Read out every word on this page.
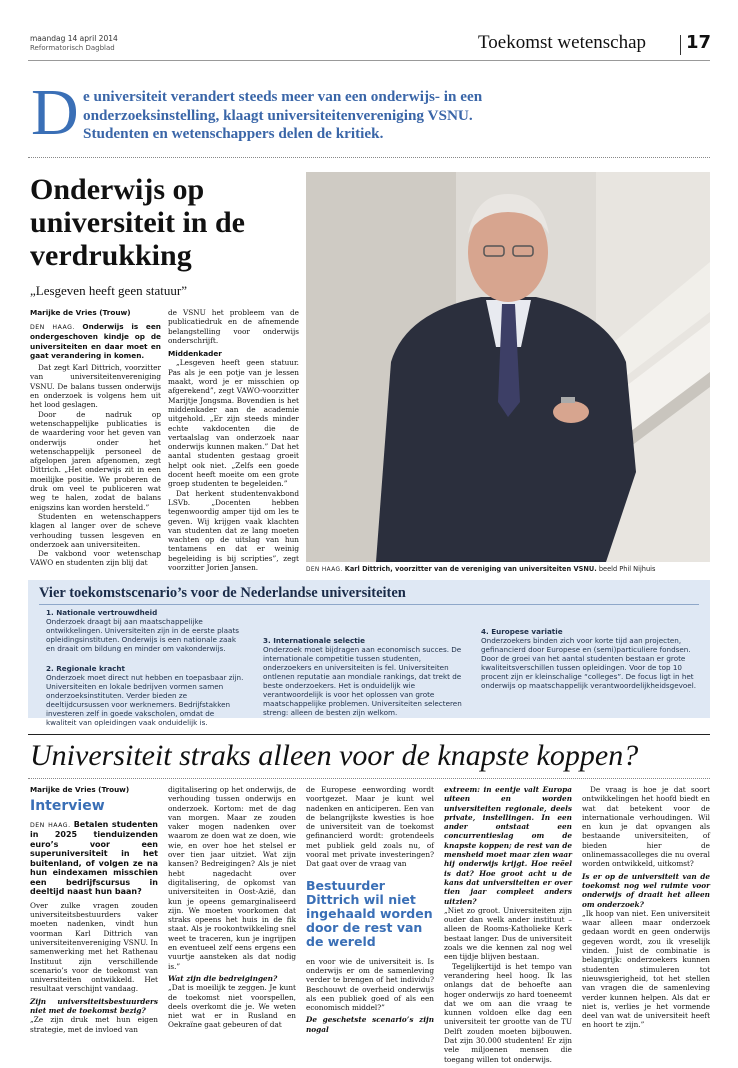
maandag 14 april 2014
Reformatorisch Dagblad	Toekomst wetenschap 17
D e universiteit verandert steeds meer van een onderwijs- in een onderzoeksinstelling, klaagt universiteitenvereniging VSNU. Studenten en wetenschappers delen de kritiek.
Onderwijs op universiteit in de verdrukking
„Lesgeven heeft geen statuur”
Marijke de Vries (Trouw)

DEN HAAG. Onderwijs is een ondergeschoven kindje op de universiteiten en daar moet en gaat verandering in komen.

Dat zegt Karl Dittrich, voorzitter van universiteitenvereniging VSNU. De balans tussen onderwijs en onderzoek is volgens hem uit het lood geslagen.

Door de nadruk op wetenschappelijke publicaties is de waardering voor het geven van onderwijs onder het wetenschappelijk personeel de afgelopen jaren afgenomen, zegt Dittrich. „Het onderwijs zit in een moeilijke positie. We proberen de druk om veel te publiceren wat weg te halen, zodat de balans enigszins kan worden hersteld.”

Studenten en wetenschappers klagen al langer over de scheve verhouding tussen lesgeven en onderzoek aan universiteiten.

De vakbond voor wetenschap VAWO en studenten zijn blij dat

de VSNU het probleem van de publicatiedruk en de afnemende belangstelling voor onderwijs onderschrijft.

Middenkader

„Lesgeven heeft geen statuur. Pas als je een potje van je lessen maakt, word je er misschien op afgerekend”, zegt VAWO-voorzitter Marijtje Jongsma. Bovendien is het middenkader aan de academie uitgehold. „Er zijn steeds minder echte vakdocenten die de vertaalslag van onderzoek naar onderwijs kunnen maken.” Dat het aantal studenten gestaag groeit helpt ook niet. „Zelfs een goede docent heeft moeite om een grote groep studenten te begeleiden.”

Dat herkent studentenvakbond LSVb. „Docenten hebben tegenwoordig amper tijd om les te geven. Wij krijgen vaak klachten van studenten dat ze lang moeten wachten op de uitslag van hun tentamens en dat er weinig begeleiding is bij scripties”, zegt voorzitter Jorien Jansen.	DEN HAAG. Karl Dittrich, voorzitter van de vereniging van universiteiten VSNU. beeld Phil Nijhuis
Vier toekomstscenario’s voor de Nederlandse universiteiten
1. Nationale vertrouwdheid
Onderzoek draagt bij aan maatschappelijke ontwikkelingen. Universiteiten zijn in de eerste plaats opleidingsinstituten. Onderwijs is een nationale zaak en draait om bildung en minder om vakonderwijs.
2. Regionale kracht
Onderzoek moet direct nut hebben en toepasbaar zijn. Universiteiten en lokale bedrijven vormen samen onderzoeksinstituten. Verder bieden ze deeltijdcursussen voor werknemers. Bedrijfstakken investeren zelf in goede vakscholen, omdat de kwaliteit van opleidingen vaak onduidelijk is.
3. Internationale selectie
Onderzoek moet bijdragen aan economisch succes. De internationale competitie tussen studenten, onderzoekers en universiteiten is fel. Universiteiten ontlenen reputatie aan mondiale rankings, dat trekt de beste onderzoekers. Het is onduidelijk wie verantwoordelijk is voor het oplossen van grote maatschappelijke problemen. Universiteiten selecteren streng: alleen de besten zijn welkom.
4. Europese variatie
Onderzoekers binden zich voor korte tijd aan projecten, gefinancierd door Europese en (semi)particuliere fondsen. Door de groei van het aantal studenten bestaan er grote kwaliteitsverschillen tussen opleidingen. Voor de top 10 procent zijn er kleinschalige “colleges”. De focus ligt in het onderwijs op maatschappelijk verantwoordelijkheidsgevoel.
Universiteit straks alleen voor de knapste koppen?
Marijke de Vries (Trouw)
Interview

DEN HAAG. Betalen studenten in 2025 tienduizenden euro’s voor een superuniversiteit in het buitenland, of volgen ze na hun eindexamen misschien een bedrijfscursus in deeltijd naast hun baan?

Over zulke vragen zouden universiteitsbestuurders vaker moeten nadenken, vindt hun voorman Karl Dittrich van universiteitenvereniging VSNU. In samenwerking met het Rathenau Instituut zijn verschillende scenario’s voor de toekomst van universiteiten ontwikkeld. Het resultaat verschijnt vandaag.

Zijn universiteitsbestuurders niet met de toekomst bezig?

„Ze zijn druk met hun eigen strategie, met de invloed van

digitalisering op het onderwijs, de verhouding tussen onderwijs en onderzoek. Kortom: met de dag van morgen. Maar ze zouden vaker mogen nadenken over waarom ze doen wat ze doen, wie wie, en over hoe het stelsel er over tien jaar uitziet. Wat zijn kansen? Bedreigingen? Als je niet hebt nagedacht over digitalisering, de opkomst van universiteiten in Oost-Azië, dan kun je opeens gemarginaliseerd zijn. We moeten voorkomen dat straks opeens het huis in de fik staat. Als je rookontwikkeling snel weet te traceren, kun je ingrijpen en eventueel zelf eens ergens een vuurtje aansteken als dat nodig is.”

Wat zijn die bedreigingen?

„Dat is moeilijk te zeggen. Je kunt de toekomst niet voorspellen, deels overkomt die je. We weten niet wat er in Rusland en Oekraïne gaat gebeuren of dat

de Europese eenwording wordt voortgezet. Maar je kunt wel nadenken en anticiperen. Een van de belangrijkste kwesties is hoe de universiteit van de toekomst gefinancierd wordt: grotendeels met publiek geld zoals nu, of vooral met private investeringen? Dat gaat over de vraag van

Bestuurder Dittrich wil niet ingehaald worden door de rest van de wereld

en voor wie de universiteit is. Is onderwijs er om de samenleving verder te brengen of het individu? Beschouwt de overheid onderwijs als een publiek goed of als een economisch middel?”

De geschetste scenario’s zijn nogal

extreem: in eentje valt Europa uiteen en worden universiteiten regionale, deels private, instellingen. In een ander ontstaat een concurrentieslag om de knapste koppen; de rest van de mensheid moet maar zien waar hij onderwijs krijgt. Hoe reëel is dat? Hoe groot acht u de kans dat universiteiten er over tien jaar compleet anders uitzien?

„Niet zo groot. Universiteiten zijn ouder dan welk ander instituut –alleen de Rooms-Katholieke Kerk bestaat langer. Dus de universiteit zoals we die kennen zal nog wel een tijdje blijven bestaan.

Tegelijkertijd is het tempo van verandering heel hoog. Ik las onlangs dat de behoefte aan hoger onderwijs zo hard toeneemt dat we om aan die vraag te kunnen voldoen elke dag een universiteit ter grootte van de TU Delft zouden moeten bijbouwen. Dat zijn 30.000 studenten! Er zijn vele miljoenen mensen die toegang willen tot onderwijs.

De vraag is hoe je dat soort ontwikkelingen het hoofd biedt en wat dat betekent voor de internationale verhoudingen. Wil en kun je dat opvangen als bestaande universiteiten, of bieden hier de onlinemassacolleges die nu overal worden ontwikkeld, uitkomst?

Is er op de universiteit van de toekomst nog wel ruimte voor onderwijs of draait het alleen om onderzoek?

„Ik hoop van niet. Een universiteit waar alleen maar onderzoek gedaan wordt en geen onderwijs gegeven wordt, zou ik vreselijk vinden. Juist de combinatie is belangrijk: onderzoekers kunnen studenten stimuleren tot nieuwsgierigheid, tot het stellen van vragen die de samenleving verder kunnen helpen. Als dat er niet is, verlies je het vormende deel van wat de universiteit heeft en hoort te zijn.”
